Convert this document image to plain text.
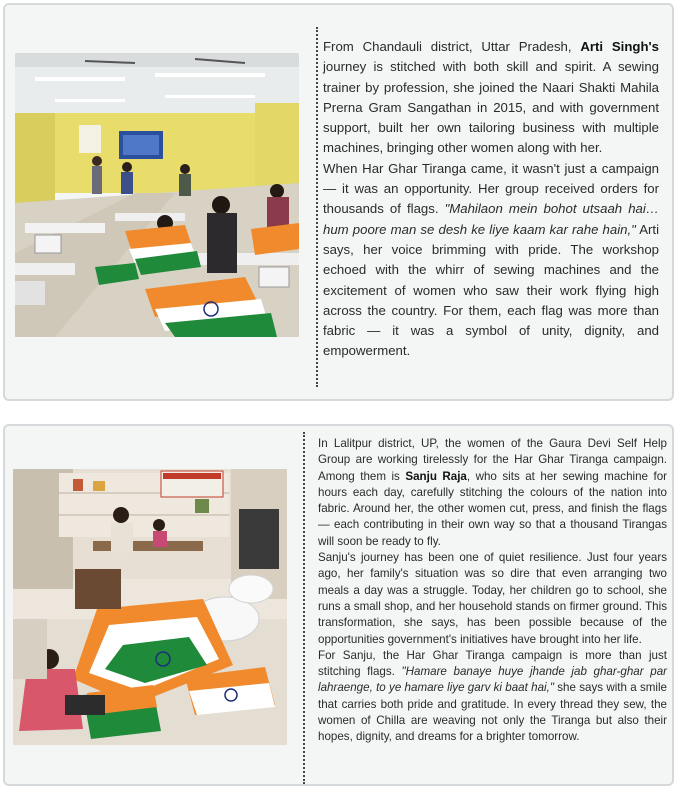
From Chandauli district, Uttar Pradesh, Arti Singh's journey is stitched with both skill and spirit. A sewing trainer by profession, she joined the Naari Shakti Mahila Prerna Gram Sangathan in 2015, and with government support, built her own tailoring business with multiple machines, bringing other women along with her.

When Har Ghar Tiranga came, it wasn't just a campaign — it was an opportunity. Her group received orders for thousands of flags. "Mahilaon mein bohot utsaah hai… hum poore man se desh ke liye kaam kar rahe hain," Arti says, her voice brimming with pride. The workshop echoed with the whirr of sewing machines and the excitement of women who saw their work flying high across the country. For them, each flag was more than fabric — it was a symbol of unity, dignity, and empowerment.

In Lalitpur district, UP, the women of the Gaura Devi Self Help Group are working tirelessly for the Har Ghar Tiranga campaign. Among them is Sanju Raja, who sits at her sewing machine for hours each day, carefully stitching the colours of the nation into fabric. Around her, the other women cut, press, and finish the flags — each contributing in their own way so that a thousand Tirangas will soon be ready to fly.

Sanju's journey has been one of quiet resilience. Just four years ago, her family's situation was so dire that even arranging two meals a day was a struggle. Today, her children go to school, she runs a small shop, and her household stands on firmer ground. This transformation, she says, has been possible because of the opportunities government's initiatives have brought into her life.

For Sanju, the Har Ghar Tiranga campaign is more than just stitching flags. "Hamare banaye huye jhande jab ghar-ghar par lahraenge, to ye hamare liye garv ki baat hai," she says with a smile that carries both pride and gratitude. In every thread they sew, the women of Chilla are weaving not only the Tiranga but also their hopes, dignity, and dreams for a brighter tomorrow.
